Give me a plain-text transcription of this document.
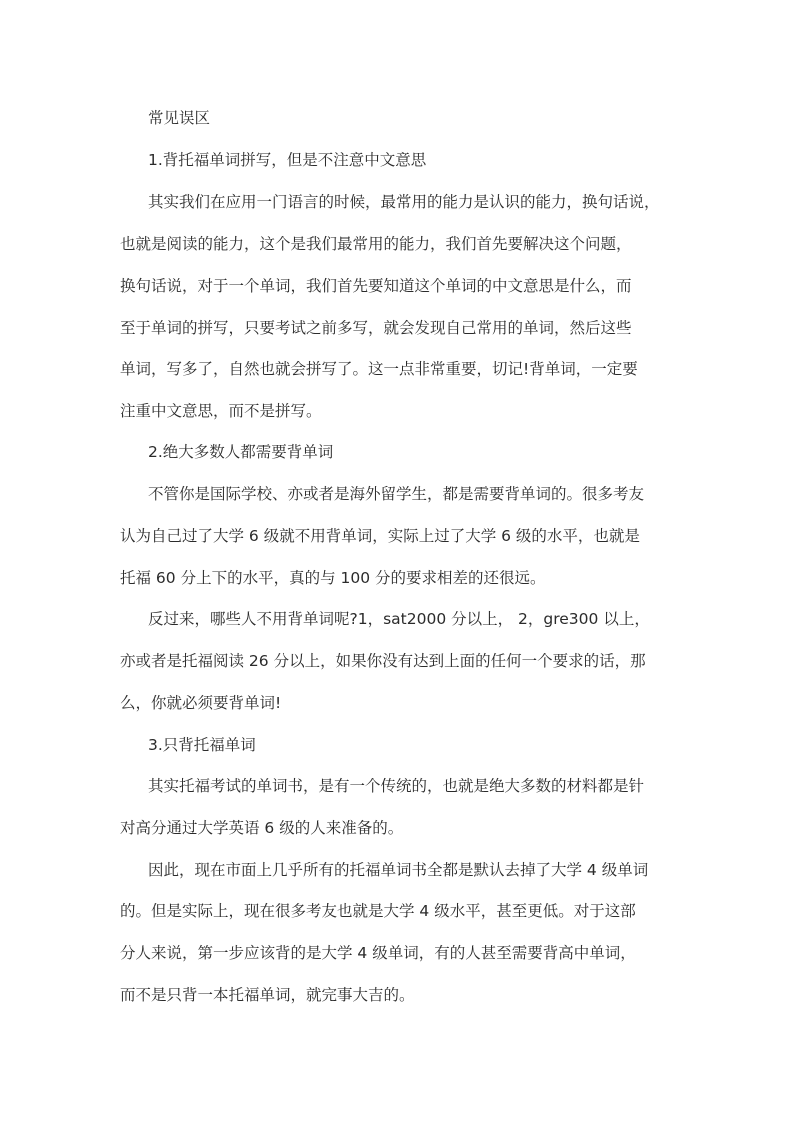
常见误区
1.背托福单词拼写，但是不注意中文意思
其实我们在应用一门语言的时候，最常用的能力是认识的能力，换句话说，
也就是阅读的能力，这个是我们最常用的能力，我们首先要解决这个问题，
换句话说，对于一个单词，我们首先要知道这个单词的中文意思是什么，而
至于单词的拼写，只要考试之前多写，就会发现自己常用的单词，然后这些
单词，写多了，自然也就会拼写了。这一点非常重要，切记!背单词，一定要
注重中文意思，而不是拼写。
2.绝大多数人都需要背单词
不管你是国际学校、亦或者是海外留学生，都是需要背单词的。很多考友
认为自己过了大学 6 级就不用背单词，实际上过了大学 6 级的水平，也就是
托福 60 分上下的水平，真的与 100 分的要求相差的还很远。
反过来，哪些人不用背单词呢?1，sat2000 分以上， 2，gre300 以上，
亦或者是托福阅读 26 分以上，如果你没有达到上面的任何一个要求的话，那
么，你就必须要背单词!
3.只背托福单词
其实托福考试的单词书，是有一个传统的，也就是绝大多数的材料都是针
对高分通过大学英语 6 级的人来准备的。
因此，现在市面上几乎所有的托福单词书全都是默认去掉了大学 4 级单词
的。但是实际上，现在很多考友也就是大学 4 级水平，甚至更低。对于这部
分人来说，第一步应该背的是大学 4 级单词，有的人甚至需要背高中单词，
而不是只背一本托福单词，就完事大吉的。
